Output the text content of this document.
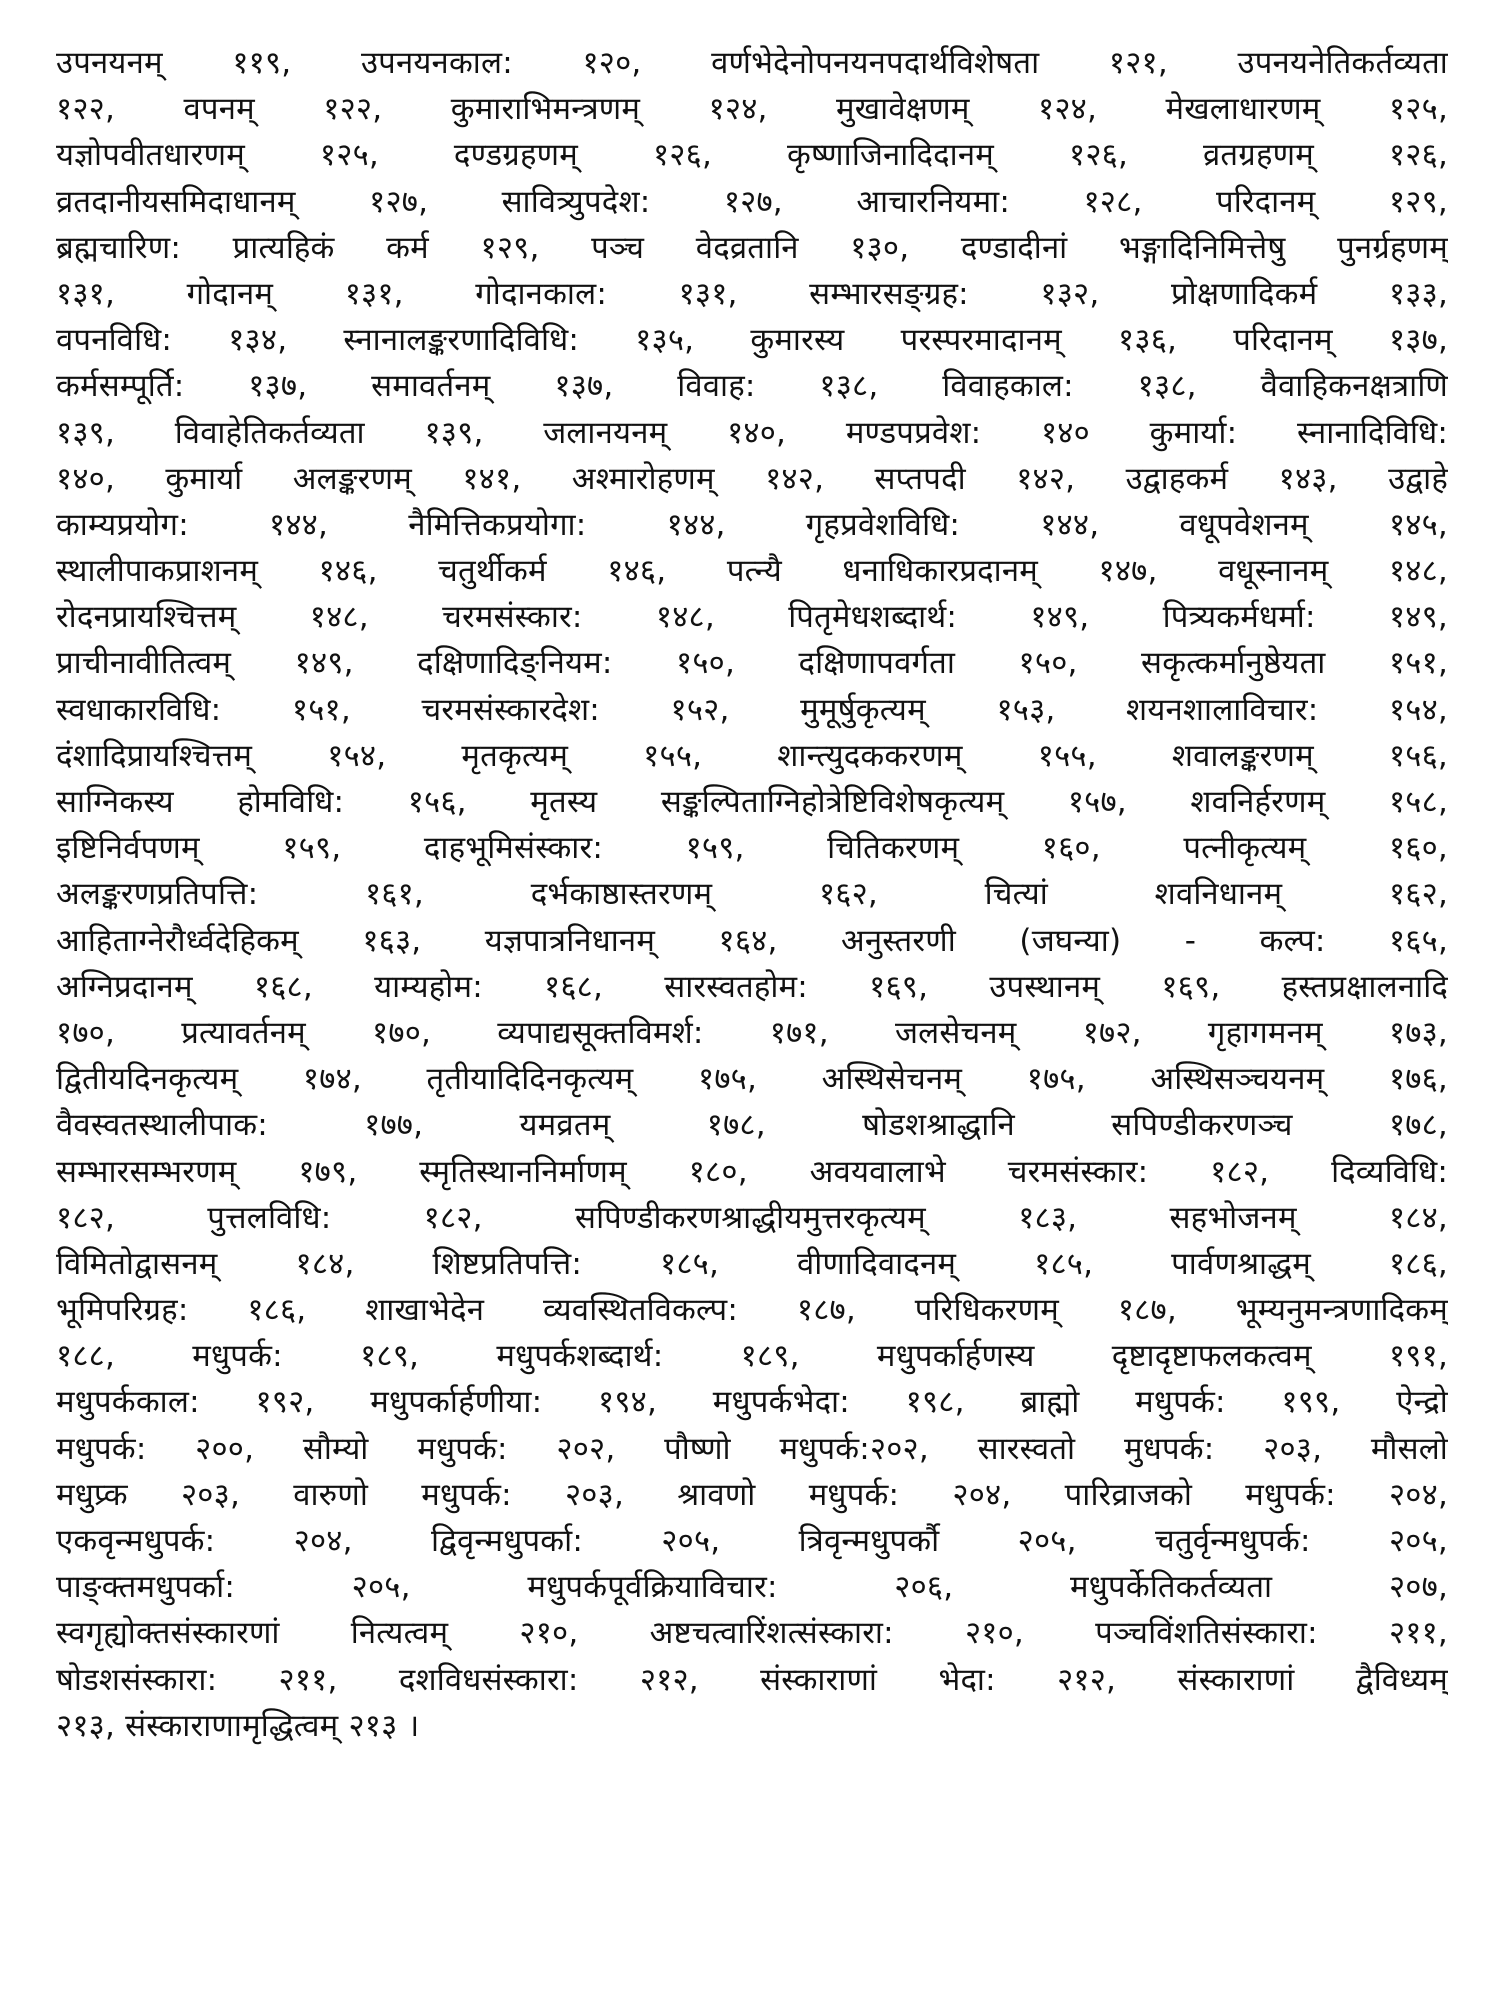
उपनयनम् ११९, उपनयनकाल: १२०, वर्णभेदेनोपनयनपदार्थविशेषता १२१, उपनयनेतिकर्तव्यता
१२२, वपनम् १२२, कुमाराभिमन्त्रणम् १२४, मुखावेक्षणम् १२४, मेखलाधारणम् १२५,
यज्ञोपवीतधारणम् १२५, दण्डग्रहणम् १२६, कृष्णाजिनादिदानम् १२६, व्रतग्रहणम् १२६,
व्रतदानीयसमिदाधानम् १२७, सावित्र्युपदेश: १२७, आचारनियमा: १२८, परिदानम् १२९,
ब्रह्मचारिण: प्रात्यहिकं कर्म १२९, पञ्च वेदव्रतानि १३०, दण्डादीनां भङ्गादिनिमित्तेषु पुनर्ग्रहणम्
१३१, गोदानम् १३१, गोदानकाल: १३१, सम्भारसङ्ग्रह: १३२, प्रोक्षणादिकर्म १३३,
वपनविधि: १३४, स्नानालङ्करणादिविधि: १३५, कुमारस्य परस्परमादानम् १३६, परिदानम् १३७,
कर्मसम्पूर्ति: १३७, समावर्तनम् १३७, विवाह: १३८, विवाहकाल: १३८, वैवाहिकनक्षत्राणि
१३९, विवाहेतिकर्तव्यता १३९, जलानयनम् १४०, मण्डपप्रवेश: १४० कुमार्या: स्नानादिविधि:
१४०, कुमार्या अलङ्करणम् १४१, अश्मारोहणम् १४२, सप्तपदी १४२, उद्वाहकर्म १४३, उद्वाहे
काम्यप्रयोग: १४४, नैमित्तिकप्रयोगा: १४४, गृहप्रवेशविधि: १४४, वधूपवेशनम् १४५,
स्थालीपाकप्राशनम् १४६, चतुर्थीकर्म १४६, पत्न्यै धनाधिकारप्रदानम् १४७, वधूस्नानम् १४८,
रोदनप्रायश्चित्तम् १४८, चरमसंस्कार: १४८, पितृमेधशब्दार्थ: १४९, पित्र्यकर्मधर्मा: १४९,
प्राचीनावीतित्वम् १४९, दक्षिणादिङ्नियम: १५०, दक्षिणापवर्गता १५०, सकृत्कर्मानुष्ठेयता १५१,
स्वधाकारविधि: १५१, चरमसंस्कारदेश: १५२, मुमूर्षुकृत्यम् १५३, शयनशालाविचार: १५४,
दंशादिप्रायश्चित्तम् १५४, मृतकृत्यम् १५५, शान्त्युदककरणम् १५५, शवालङ्करणम् १५६,
साग्निकस्य होमविधि: १५६, मृतस्य सङ्कल्पिताग्निहोत्रेष्टिविशेषकृत्यम् १५७, शवनिर्हरणम् १५८,
इष्टिनिर्वपणम् १५९, दाहभूमिसंस्कार: १५९, चितिकरणम् १६०, पत्नीकृत्यम् १६०,
अलङ्करणप्रतिपत्ति: १६१, दर्भकाष्ठास्तरणम् १६२, चित्यां शवनिधानम् १६२,
आहिताग्नेरौर्ध्वदेहिकम् १६३, यज्ञपात्रनिधानम् १६४, अनुस्तरणी (जघन्या) - कल्प: १६५,
अग्निप्रदानम् १६८, याम्यहोम: १६८, सारस्वतहोम: १६९, उपस्थानम् १६९, हस्तप्रक्षालनादि
१७०, प्रत्यावर्तनम् १७०, व्यपाद्यसूक्तविमर्श: १७१, जलसेचनम् १७२, गृहागमनम् १७३,
द्वितीयदिनकृत्यम् १७४, तृतीयादिदिनकृत्यम् १७५, अस्थिसेचनम् १७५, अस्थिसञ्चयनम् १७६,
वैवस्वतस्थालीपाक: १७७, यमव्रतम् १७८, षोडशश्राद्धानि सपिण्डीकरणञ्च १७८,
सम्भारसम्भरणम् १७९, स्मृतिस्थाननिर्माणम् १८०, अवयवालाभे चरमसंस्कार: १८२, दिव्यविधि:
१८२, पुत्तलविधि: १८२, सपिण्डीकरणश्राद्धीयमुत्तरकृत्यम् १८३, सहभोजनम् १८४,
विमितोद्वासनम् १८४, शिष्टप्रतिपत्ति: १८५, वीणादिवादनम् १८५, पार्वणश्राद्धम् १८६,
भूमिपरिग्रह: १८६, शाखाभेदेन व्यवस्थितविकल्प: १८७, परिधिकरणम् १८७, भूम्यनुमन्त्रणादिकम्
१८८, मधुपर्क: १८९, मधुपर्कशब्दार्थ: १८९, मधुपर्कार्हणस्य दृष्टादृष्टाफलकत्वम् १९१,
मधुपर्ककाल: १९२, मधुपर्कार्हणीया: १९४, मधुपर्कभेदा: १९८, ब्राह्मो मधुपर्क: १९९, ऐन्द्रो
मधुपर्क: २००, सौम्यो मधुपर्क: २०२, पौष्णो मधुपर्क:२०२, सारस्वतो मुधपर्क: २०३, मौसलो
मधुप्र्क २०३, वारुणो मधुपर्क: २०३, श्रावणो मधुपर्क: २०४, पारिव्राजको मधुपर्क: २०४,
एकवृन्मधुपर्क: २०४, द्विवृन्मधुपर्का: २०५, त्रिवृन्मधुपर्कौ २०५, चतुर्वृन्मधुपर्क: २०५,
पाङ्क्तमधुपर्का: २०५, मधुपर्कपूर्वक्रियाविचार: २०६, मधुपर्केतिकर्तव्यता २०७,
स्वगृह्योक्तसंस्कारणां नित्यत्वम् २१०, अष्टचत्वारिंशत्संस्कारा: २१०, पञ्चविंशतिसंस्कारा: २११,
षोडशसंस्कारा: २११, दशविधसंस्कारा: २१२, संस्काराणां भेदा: २१२, संस्काराणां द्वैविध्यम्
२१३, संस्काराणामृद्धित्वम् २१३ ।
